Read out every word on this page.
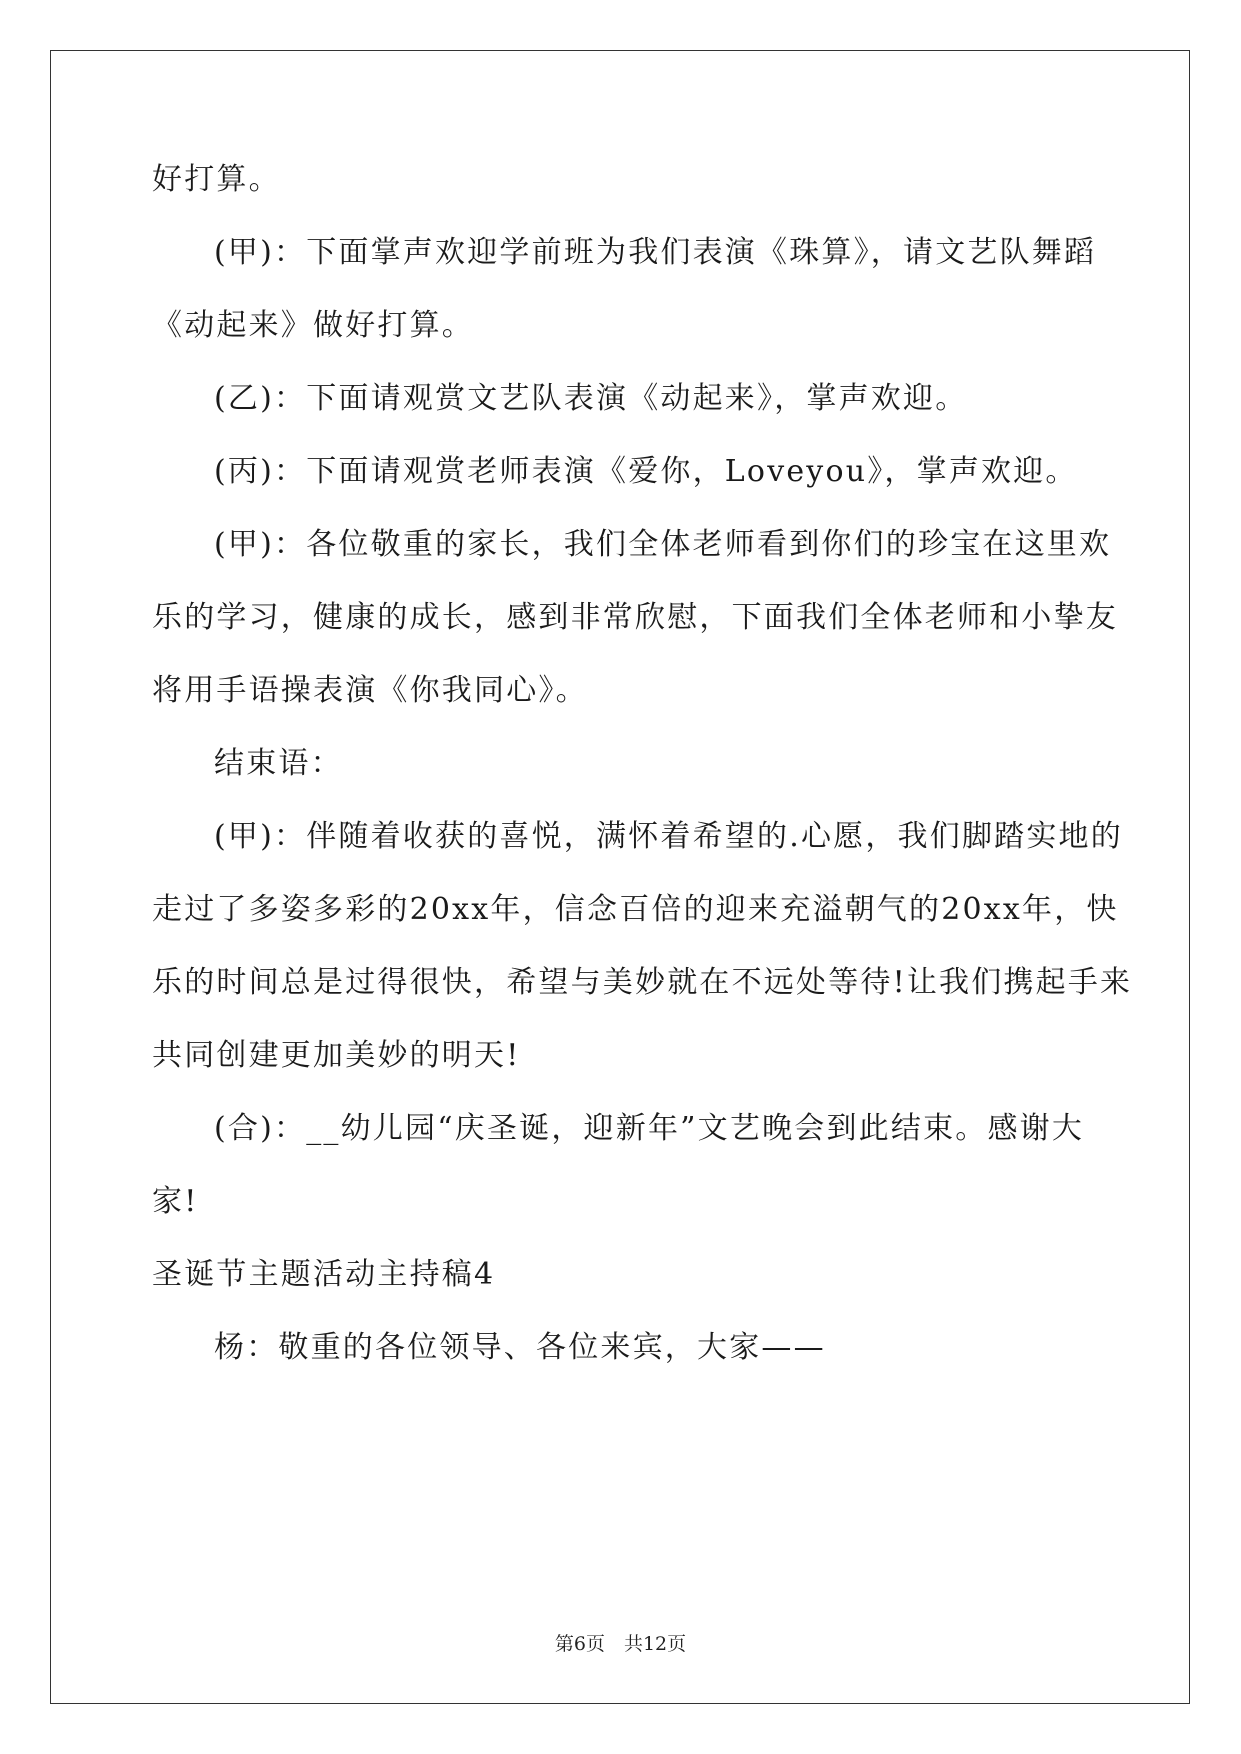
好打算。
(甲)：下面掌声欢迎学前班为我们表演《珠算》，请文艺队舞蹈
《动起来》做好打算。
(乙)：下面请观赏文艺队表演《动起来》，掌声欢迎。
(丙)：下面请观赏老师表演《爱你，Loveyou》，掌声欢迎。
(甲)：各位敬重的家长，我们全体老师看到你们的珍宝在这里欢
乐的学习，健康的成长，感到非常欣慰，下面我们全体老师和小挚友
将用手语操表演《你我同心》。
结束语：
(甲)：伴随着收获的喜悦，满怀着希望的.心愿，我们脚踏实地的
走过了多姿多彩的20xx年，信念百倍的迎来充溢朝气的20xx年，快
乐的时间总是过得很快，希望与美妙就在不远处等待!让我们携起手来
共同创建更加美妙的明天!
(合)：__幼儿园“庆圣诞，迎新年”文艺晚会到此结束。感谢大
家!
圣诞节主题活动主持稿4
杨：敬重的各位领导、各位来宾，大家——
第6页　共12页
